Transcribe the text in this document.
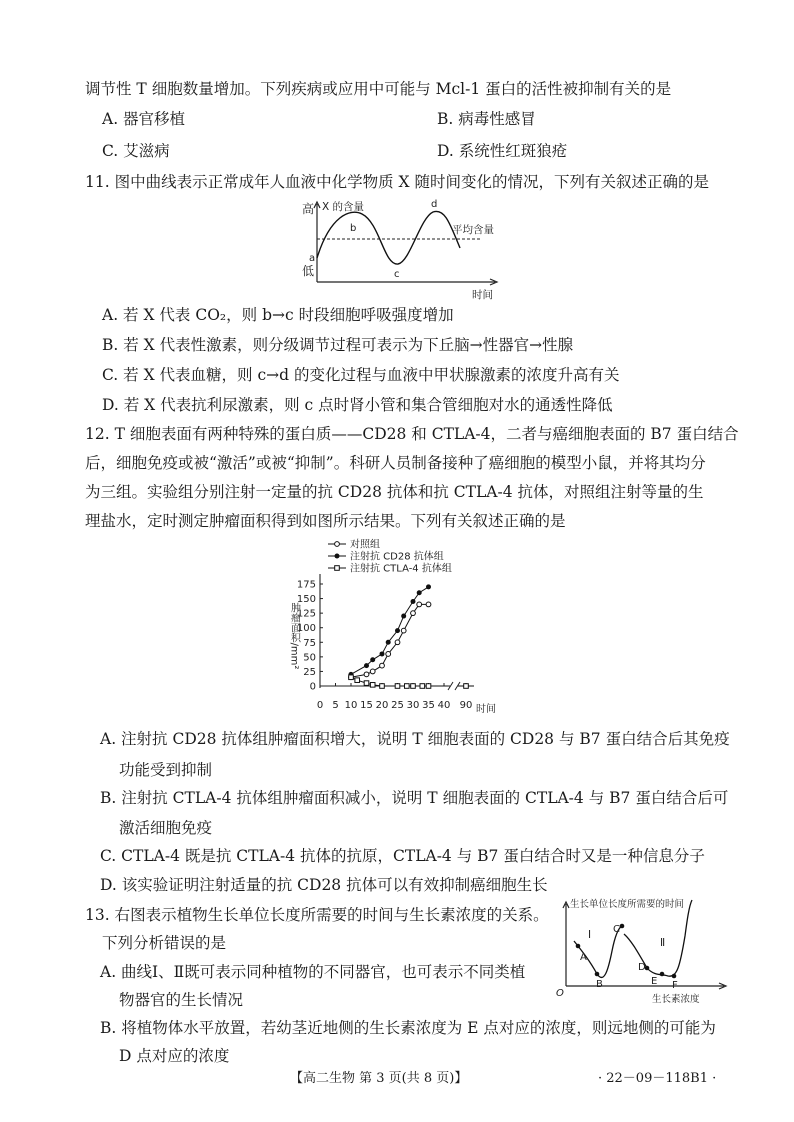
调节性 T 细胞数量增加。下列疾病或应用中可能与 Mcl-1 蛋白的活性被抑制有关的是
A. 器官移植	B. 病毒性感冒
C. 艾滋病	D. 系统性红斑狼疮
11. 图中曲线表示正常成年人血液中化学物质 X 随时间变化的情况，下列有关叙述正确的是
高
低
X 的含量
平均含量
时间
a
b
c
d
A. 若 X 代表 CO₂，则 b→c 时段细胞呼吸强度增加
B. 若 X 代表性激素，则分级调节过程可表示为下丘脑→性器官→性腺
C. 若 X 代表血糖，则 c→d 的变化过程与血液中甲状腺激素的浓度升高有关
D. 若 X 代表抗利尿激素，则 c 点时肾小管和集合管细胞对水的通透性降低
12. T 细胞表面有两种特殊的蛋白质——CD28 和 CTLA-4，二者与癌细胞表面的 B7 蛋白结合
后，细胞免疫或被“激活”或被“抑制”。科研人员制备接种了癌细胞的模型小鼠，并将其均分
为三组。实验组分别注射一定量的抗 CD28 抗体和抗 CTLA-4 抗体，对照组注射等量的生
理盐水，定时测定肿瘤面积得到如图所示结果。下列有关叙述正确的是
对照组
注射抗 CD28 抗体组
注射抗 CTLA-4 抗体组
0
25
50
75
100
125
150
175
0 5 10 15 20 25 30 35 40 90 时间
肿瘤面积/mm²
A. 注射抗 CD28 抗体组肿瘤面积增大，说明 T 细胞表面的 CD28 与 B7 蛋白结合后其免疫
功能受到抑制
B. 注射抗 CTLA-4 抗体组肿瘤面积减小，说明 T 细胞表面的 CTLA-4 与 B7 蛋白结合后可
激活细胞免疫
C. CTLA-4 既是抗 CTLA-4 抗体的抗原，CTLA-4 与 B7 蛋白结合时又是一种信息分子
D. 该实验证明注射适量的抗 CD28 抗体可以有效抑制癌细胞生长
13. 右图表示植物生长单位长度所需要的时间与生长素浓度的关系。
下列分析错误的是
A. 曲线Ⅰ、Ⅱ既可表示同种植物的不同器官，也可表示不同类植
物器官的生长情况
B. 将植物体水平放置，若幼茎近地侧的生长素浓度为 E 点对应的浓度，则远地侧的可能为
D 点对应的浓度
生长单位长度所需要的时间
生长素浓度
O
Ⅰ
Ⅱ
A
B
C
D
E F
【高二生物 第 3 页(共 8 页)】	· 22－09－118B1 ·
